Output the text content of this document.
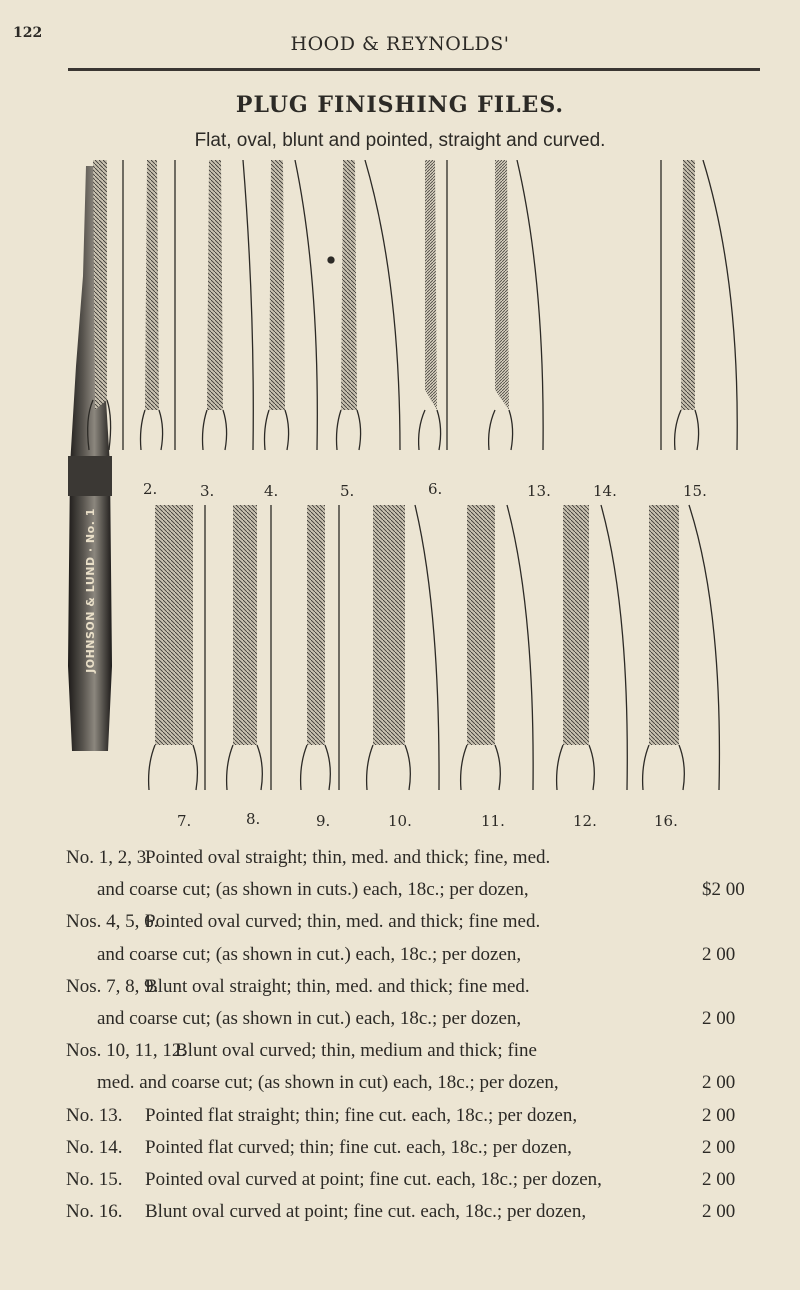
122	HOOD & REYNOLDS'
PLUG FINISHING FILES.
Flat, oval, blunt and pointed, straight and curved.
JOHNSON & LUND · No. 1
2.	3.	4.	5.	6.	13.	14.	15.
7.	8.	9.	10.	11.	12.	16.
No. 1, 2, 3.
Pointed oval straight; thin, med. and thick; fine, med.
and coarse cut; (as shown in cuts.) each, 18c.; per dozen,	$2 00
Nos. 4, 5, 6.
Pointed oval curved; thin, med. and thick; fine med.
and coarse cut; (as shown in cut.) each, 18c.; per dozen,	2 00
Nos. 7, 8, 9.
Blunt oval straight; thin, med. and thick; fine med.
and coarse cut; (as shown in cut.) each, 18c.; per dozen,	2 00
Nos. 10, 11, 12.
Blunt oval curved; thin, medium and thick; fine
med. and coarse cut; (as shown in cut) each, 18c.; per dozen,	2 00
No. 13. Pointed flat straight; thin; fine cut. each, 18c.; per dozen,	2 00
No. 14. Pointed flat curved; thin; fine cut. each, 18c.; per dozen,	2 00
No. 15. Pointed oval curved at point; fine cut. each, 18c.; per dozen,	2 00
No. 16. Blunt oval curved at point; fine cut. each, 18c.; per dozen,	2 00
